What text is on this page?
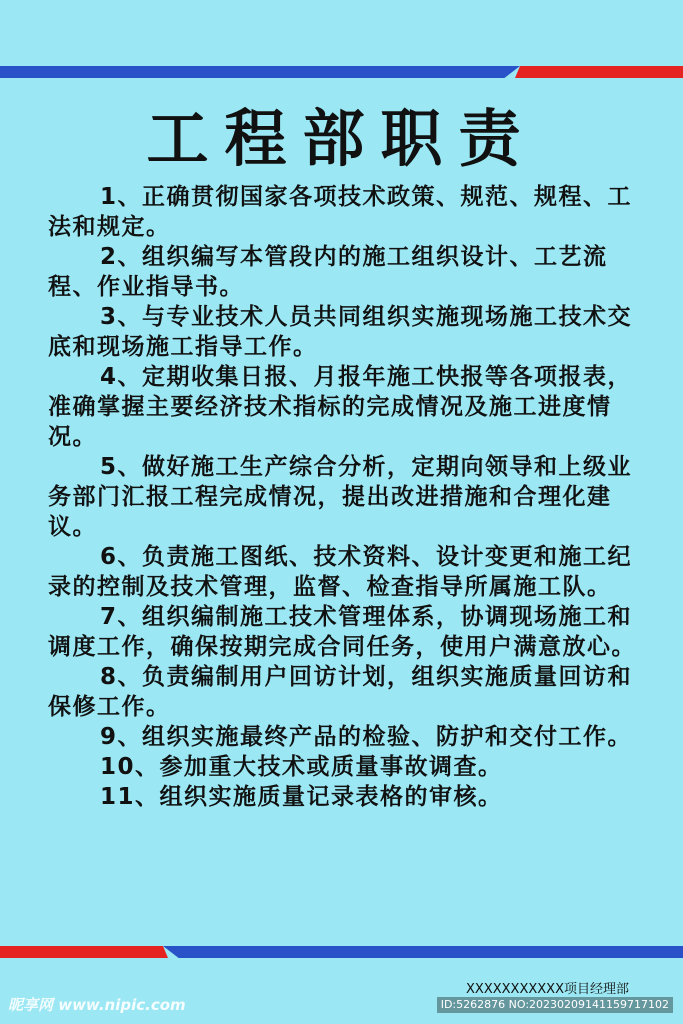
工程部职责

1、正确贯彻国家各项技术政策、规范、规程、工法和规定。

2、组织编写本管段内的施工组织设计、工艺流程、作业指导书。

3、与专业技术人员共同组织实施现场施工技术交底和现场施工指导工作。

4、定期收集日报、月报年施工快报等各项报表，准确掌握主要经济技术指标的完成情况及施工进度情况。

5、做好施工生产综合分析，定期向领导和上级业务部门汇报工程完成情况，提出改进措施和合理化建议。

6、负责施工图纸、技术资料、设计变更和施工纪录的控制及技术管理，监督、检查指导所属施工队。

7、组织编制施工技术管理体系，协调现场施工和调度工作，确保按期完成合同任务，使用户满意放心。

8、负责编制用户回访计划，组织实施质量回访和保修工作。

9、组织实施最终产品的检验、防护和交付工作。

10、参加重大技术或质量事故调查。

11、组织实施质量记录表格的审核。

XXXXXXXXXXX项目经理部
昵享网 www.nipic.com	ID:5262876 NO:20230209141159717102
